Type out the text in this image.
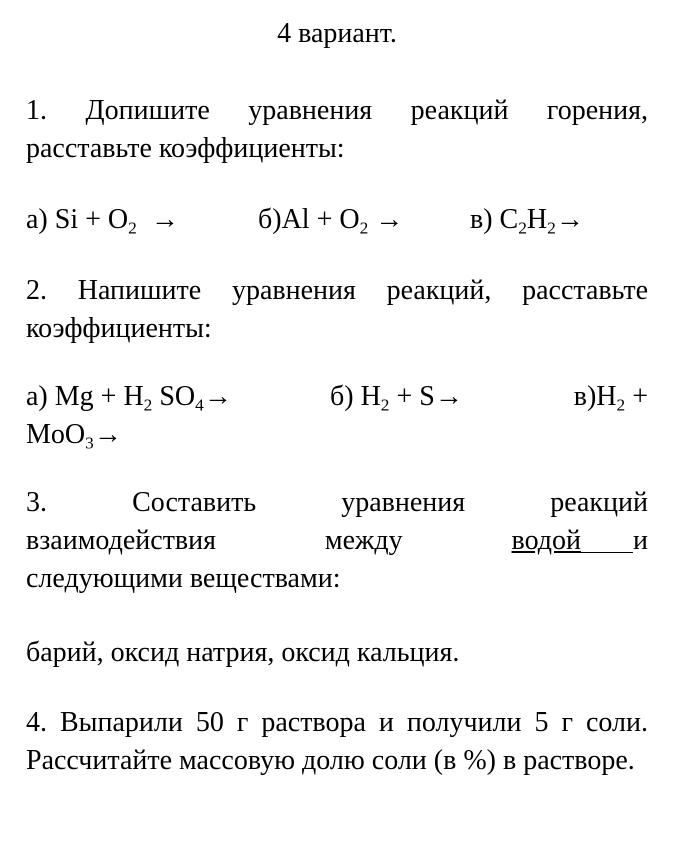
4 вариант.

1. Допишите уравнения реакций горения, расставьте коэффициенты:

а) $Si + O_2$ →	$б)Al + O_2 \to в$) $C_2H_2\to$

2. Напишите уравнения реакций, расставьте коэффициенты:

а) $Mg + H_2$ $SO_4\to$	б) $H_2 + S\to$	$в)H_2$ +
MoO$_3$→
3.	Составить	уравнения	реакций
взаимодействия	между	водой и

следующими веществами:

барий, оксид натрия, оксид кальция.

4. Выпарили 50 г раствора и получили 5 г соли. Рассчитайте массовую долю соли (в %) в растворе.
